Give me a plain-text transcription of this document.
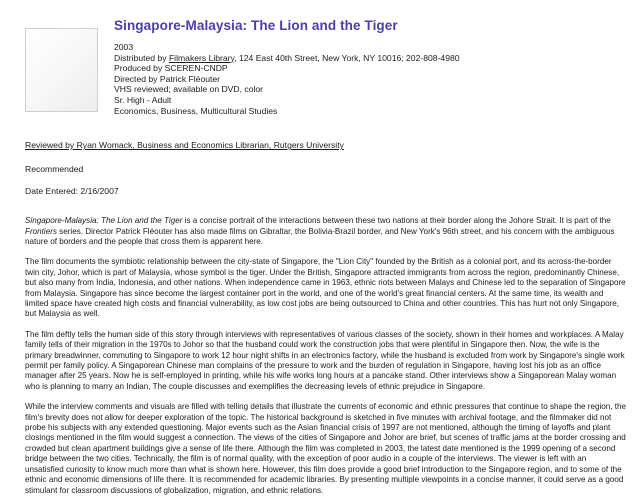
Singapore-Malaysia: The Lion and the Tiger
2003
Distributed by Filmakers Library, 124 East 40th Street, New York, NY 10016; 202-808-4980
Produced by SCEREN-CNDP
Directed by Patrick Fléouter
VHS reviewed; available on DVD, color
Sr. High - Adult
Economics, Business, Multicultural Studies
Reviewed by Ryan Womack, Business and Economics Librarian, Rutgers University
Recommended
Date Entered: 2/16/2007

Singapore-Malaysia: The Lion and the Tiger is a concise portrait of the interactions between these two nations at their border along the Johore Strait. It is part of the Frontiers series. Director Patrick Fléouter has also made films on Gibraltar, the Bolivia-Brazil border, and New York's 96th street, and his concern with the ambiguous nature of borders and the people that cross them is apparent here.

The film documents the symbiotic relationship between the city-state of Singapore, the "Lion City" founded by the British as a colonial port, and its across-the-border twin city, Johor, which is part of Malaysia, whose symbol is the tiger. Under the British, Singapore attracted immigrants from across the region, predominantly Chinese, but also many from India, Indonesia, and other nations. When independence came in 1963, ethnic riots between Malays and Chinese led to the separation of Singapore from Malaysia. Singapore has since become the largest container port in the world, and one of the world's great financial centers. At the same time, its wealth and limited space have created high costs and financial vulnerability, as low cost jobs are being outsourced to China and other countries. This has hurt not only Singapore, but Malaysia as well.

The film deftly tells the human side of this story through interviews with representatives of various classes of the society, shown in their homes and workplaces. A Malay family tells of their migration in the 1970s to Johor so that the husband could work the construction jobs that were plentiful in Singapore then. Now, the wife is the primary breadwinner, commuting to Singapore to work 12 hour night shifts in an electronics factory, while the husband is excluded from work by Singapore's single work permit per family policy. A Singaporean Chinese man complains of the pressure to work and the burden of regulation in Singapore, having lost his job as an office manager after 25 years. Now he is self-employed in printing, while his wife works long hours at a pancake stand. Other interviews show a Singaporean Malay woman who is planning to marry an Indian, The couple discusses and exemplifies the decreasing levels of ethnic prejudice in Singapore.

While the interview comments and visuals are filled with telling details that illustrate the currents of economic and ethnic pressures that continue to shape the region, the film's brevity does not allow for deeper exploration of the topic. The historical background is sketched in five minutes with archival footage, and the filmmaker did not probe his subjects with any extended questioning. Major events such as the Asian financial crisis of 1997 are not mentioned, although the timing of layoffs and plant closings mentioned in the film would suggest a connection. The views of the cities of Singapore and Johor are brief, but scenes of traffic jams at the border crossing and crowded but clean apartment buildings give a sense of life there. Although the film was completed in 2003, the latest date mentioned is the 1999 opening of a second bridge between the two cities. Technically, the film is of normal quality, with the exception of poor audio in a couple of the interviews. The viewer is left with an unsatisfied curiosity to know much more than what is shown here. However, this film does provide a good brief introduction to the Singapore region, and to some of the ethnic and economic dimensions of life there. It is recommended for academic libraries. By presenting multiple viewpoints in a concise manner, it could serve as a good stimulant for classroom discussions of globalization, migration, and ethnic relations.
